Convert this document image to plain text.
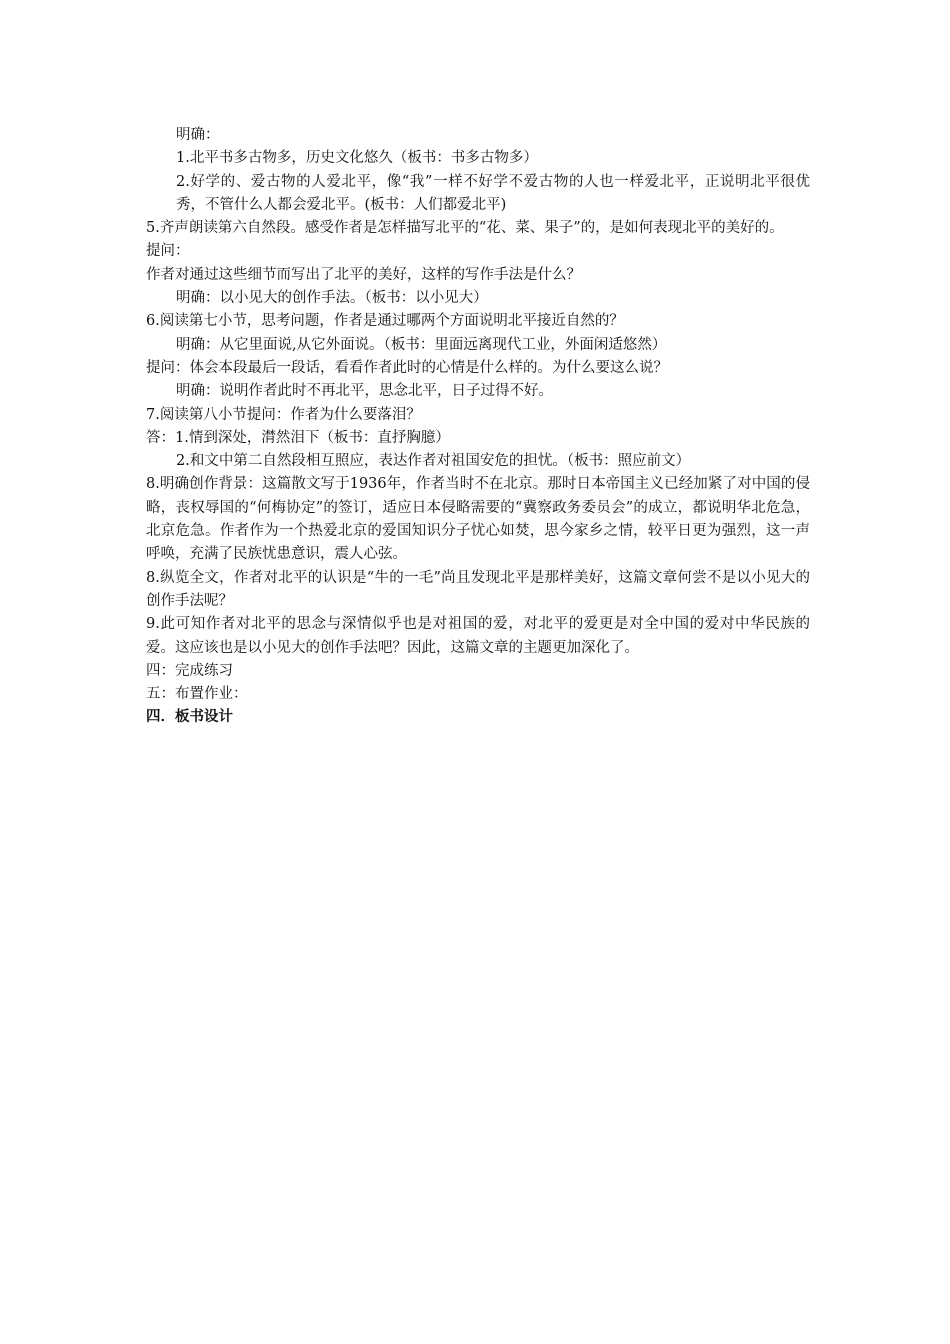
明确：

1.北平书多古物多，历史文化悠久（板书：书多古物多）

2.好学的、爱古物的人爱北平，像“我”一样不好学不爱古物的人也一样爱北平，正说明北平很优秀，不管什么人都会爱北平。(板书：人们都爱北平)

5.齐声朗读第六自然段。感受作者是怎样描写北平的“花、菜、果子”的，是如何表现北平的美好的。

提问：

作者对通过这些细节而写出了北平的美好，这样的写作手法是什么？

明确：以小见大的创作手法。（板书：以小见大）

6.阅读第七小节，思考问题，作者是通过哪两个方面说明北平接近自然的？

明确：从它里面说,从它外面说。（板书：里面远离现代工业，外面闲适悠然）

提问：体会本段最后一段话，看看作者此时的心情是什么样的。为什么要这么说？

明确：说明作者此时不再北平，思念北平，日子过得不好。

7.阅读第八小节提问：作者为什么要落泪？

答：1.情到深处，潸然泪下（板书：直抒胸臆）

2.和文中第二自然段相互照应，表达作者对祖国安危的担忧。（板书：照应前文）

8.明确创作背景：这篇散文写于1936年，作者当时不在北京。那时日本帝国主义已经加紧了对中国的侵略，丧权辱国的“何梅协定”的签订，适应日本侵略需要的“冀察政务委员会”的成立，都说明华北危急，北京危急。作者作为一个热爱北京的爱国知识分子忧心如焚，思今家乡之情，较平日更为强烈，这一声呼唤，充满了民族忧患意识，震人心弦。

8.纵览全文，作者对北平的认识是“牛的一毛”尚且发现北平是那样美好，这篇文章何尝不是以小见大的创作手法呢？

9.此可知作者对北平的思念与深情似乎也是对祖国的爱，对北平的爱更是对全中国的爱对中华民族的爱。这应该也是以小见大的创作手法吧？因此，这篇文章的主题更加深化了。

四：完成练习

五：布置作业：

四．板书设计
